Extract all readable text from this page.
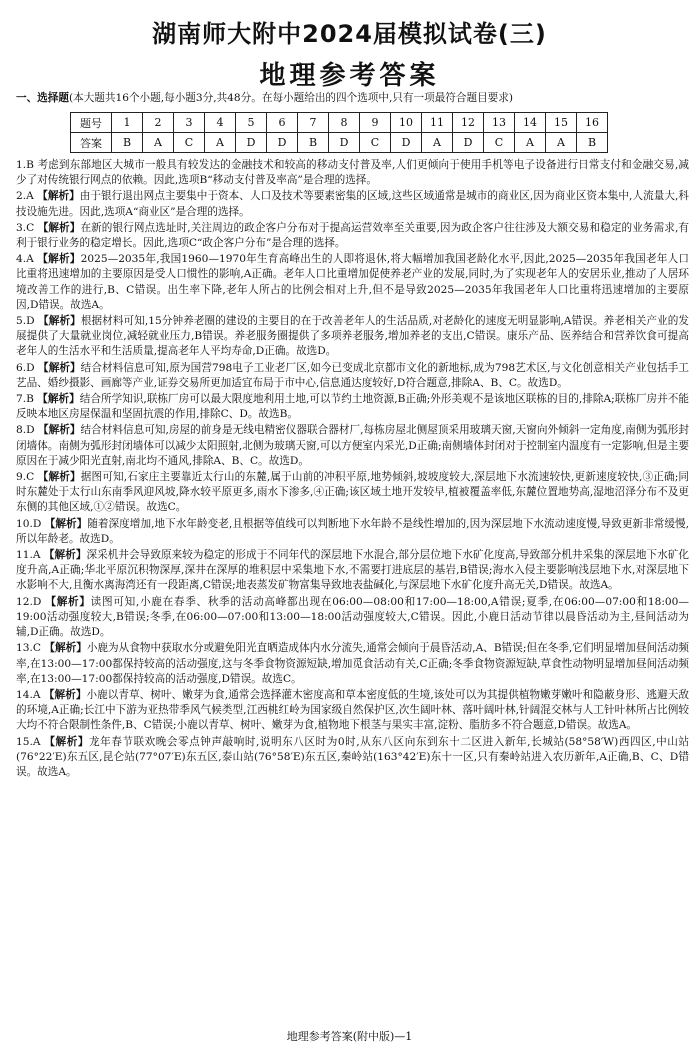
湖南师大附中2024届模拟试卷(三)
地理参考答案
一、选择题(本大题共16个小题,每小题3分,共48分。在每小题给出的四个选项中,只有一项最符合题目要求)
题号	1	2	3	4	5	6	7	8	9	10	11	12	13	14	15	16
答案	B	A	C	A	D	D	B	D	C	D	A	D	C	A	A	B
1.B 考虑到东部地区大城市一般具有较发达的金融技术和较高的移动支付普及率,人们更倾向于使用手机等电子设备进行日常支付和金融交易,减少了对传统银行网点的依赖。因此,选项B“移动支付普及率高”是合理的选择。
2.A 【解析】由于银行退出网点主要集中于资本、人口及技术等要素密集的区域,这些区域通常是城市的商业区,因为商业区资本集中,人流量大,科技设施先进。因此,选项A“商业区”是合理的选择。
3.C 【解析】在新的银行网点选址时,关注周边的政企客户分布对于提高运营效率至关重要,因为政企客户往往涉及大额交易和稳定的业务需求,有利于银行业务的稳定增长。因此,选项C“政企客户分布”是合理的选择。
4.A 【解析】2025—2035年,我国1960—1970年生育高峰出生的人即将退休,将大幅增加我国老龄化水平,因此,2025—2035年我国老年人口比重将迅速增加的主要原因是受人口惯性的影响,A正确。老年人口比重增加促使养老产业的发展,同时,为了实现老年人的安居乐业,推动了人居环境改善工作的进行,B、C错误。出生率下降,老年人所占的比例会相对上升,但不是导致2025—2035年我国老年人口比重将迅速增加的主要原因,D错误。故选A。
5.D 【解析】根据材料可知,15分钟养老圈的建设的主要目的在于改善老年人的生活品质,对老龄化的速度无明显影响,A错误。养老相关产业的发展提供了大量就业岗位,减轻就业压力,B错误。养老服务圈提供了多项养老服务,增加养老的支出,C错误。康乐产品、医养结合和营养饮食可提高老年人的生活水平和生活质量,提高老年人平均寿命,D正确。故选D。
6.D 【解析】结合材料信息可知,原为国营798电子工业老厂区,如今已变成北京都市文化的新地标,成为798艺术区,与文化创意相关产业包括手工艺品、婚纱摄影、画廊等产业,证券交易所更加适宜布局于市中心,信息通达度较好,D符合题意,排除A、B、C。故选D。
7.B 【解析】结合所学知识,联栋厂房可以最大限度地利用土地,可以节约土地资源,B正确;外形美观不是该地区联栋的目的,排除A;联栋厂房并不能反映本地区房屋保温和坚固抗震的作用,排除C、D。故选B。
8.D 【解析】结合材料信息可知,房屋的前身是无线电精密仪器联合器材厂,每栋房屋北侧屋顶采用玻璃天窗,天窗向外倾斜一定角度,南侧为弧形封闭墙体。南侧为弧形封闭墙体可以减少太阳照射,北侧为玻璃天窗,可以方便室内采光,D正确;南侧墙体封闭对于控制室内温度有一定影响,但是主要原因在于减少阳光直射,南北均不通风,排除A、B、C。故选D。
9.C 【解析】据图可知,石家庄主要靠近太行山的东麓,属于山前的冲积平原,地势倾斜,坡坡度较大,深层地下水流速较快,更新速度较快,③正确;同时东麓处于太行山东南季风迎风坡,降水较平原更多,雨水下渗多,④正确;该区域土地开发较早,植被覆盖率低,东麓位置地势高,湿地沼泽分布不及更东侧的其他区域,①②错误。故选C。
10.D 【解析】随着深度增加,地下水年龄变老,且根据等值线可以判断地下水年龄不是线性增加的,因为深层地下水流动速度慢,导致更新非常缓慢,所以年龄老。故选D。
11.A 【解析】深采机井会导致原来较为稳定的形成于不同年代的深层地下水混合,部分层位地下水矿化度高,导致部分机井采集的深层地下水矿化度升高,A正确;华北平原沉积物深厚,深井在深厚的堆积层中采集地下水,不需要打进底层的基岩,B错误;海水入侵主要影响浅层地下水,对深层地下水影响不大,且衡水离海湾还有一段距离,C错误;地表蒸发矿物富集导致地表盐碱化,与深层地下水矿化度升高无关,D错误。故选A。
12.D 【解析】读图可知,小鹿在春季、秋季的活动高峰都出现在06:00—08:00和17:00—18:00,A错误;夏季,在06:00—07:00和18:00—19:00活动强度较大,B错误;冬季,在06:00—07:00和13:00—18:00活动强度较大,C错误。因此,小鹿日活动节律以晨昏活动为主,昼间活动为辅,D正确。故选D。
13.C 【解析】小鹿为从食物中获取水分或避免阳光直晒造成体内水分流失,通常会倾向于晨昏活动,A、B错误;但在冬季,它们明显增加昼间活动频率,在13:00—17:00都保持较高的活动强度,这与冬季食物资源短缺,增加觅食活动有关,C正确;冬季食物资源短缺,草食性动物明显增加昼间活动频率,在13:00—17:00都保持较高的活动强度,D错误。故选C。
14.A 【解析】小鹿以青草、树叶、嫩芽为食,通常会选择灌木密度高和草本密度低的生境,该处可以为其提供植物嫩芽嫩叶和隐蔽身形、逃避天敌的环境,A正确;长江中下游为亚热带季风气候类型,江西桃红岭为国家级自然保护区,次生阔叶林、落叶阔叶林,针阔混交林与人工针叶林所占比例较大均不符合限制性条件,B、C错误;小鹿以青草、树叶、嫩芽为食,植物地下根茎与果实丰富,淀粉、脂肪多不符合题意,D错误。故选A。
15.A 【解析】龙年春节联欢晚会零点钟声敲响时,说明东八区时为0时,从东八区向东到东十二区进入新年,长城站(58°58′W)西四区,中山站(76°22′E)东五区,昆仑站(77°07′E)东五区,泰山站(76°58′E)东五区,秦岭站(163°42′E)东十一区,只有秦岭站进入农历新年,A正确,B、C、D错误。故选A。
地理参考答案(附中版)—1
